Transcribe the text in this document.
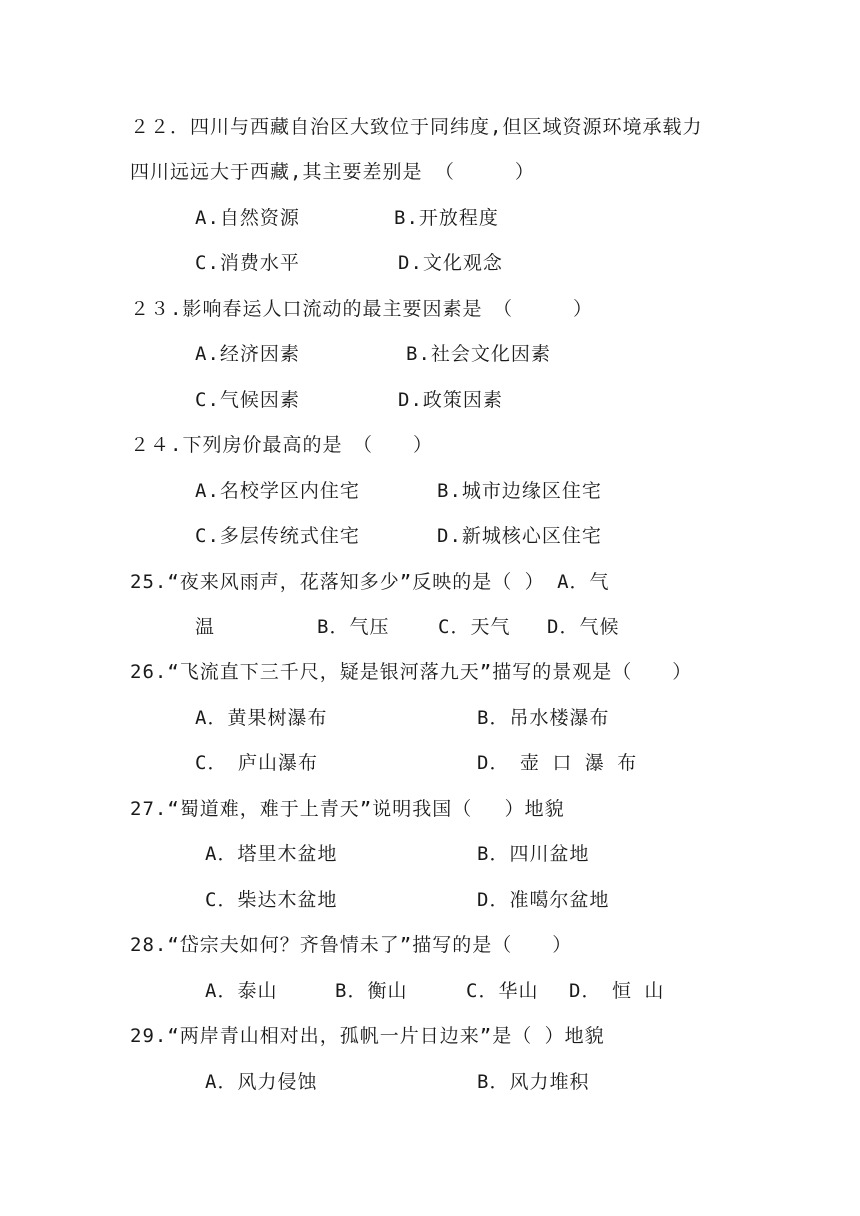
２２．四川与西藏自治区大致位于同纬度,但区域资源环境承载力
四川远远大于西藏,其主要差别是 （　　　）
A.自然资源	B.开放程度
C.消费水平	D.文化观念
２３.影响春运人口流动的最主要因素是　（　　　）
A.经济因素	B.社会文化因素
C.气候因素	D.政策因素
２４.下列房价最高的是　（　　）
A.名校学区内住宅	B.城市边缘区住宅
C.多层传统式住宅	D.新城核心区住宅
25.“夜来风雨声，花落知多少”反映的是（ ） A．气
温	B．气压	C．天气 D．气候
26.“飞流直下三千尺，疑是银河落九天”描写的景观是（　　）
A．黄果树瀑布	B．吊水楼瀑布
C．　庐山瀑布	D．　壶 口 瀑 布
27.“蜀道难，难于上青天”说明我国（　 ）地貌
A．塔里木盆地	B．四川盆地
C．柴达木盆地	D．准噶尔盆地
28.“岱宗夫如何？齐鲁情未了”描写的是（　　）
A．泰山	B．衡山	C．华山 D．　恒 山
29.“两岸青山相对出，孤帆一片日边来”是（ ）地貌
A．风力侵蚀	B．风力堆积
